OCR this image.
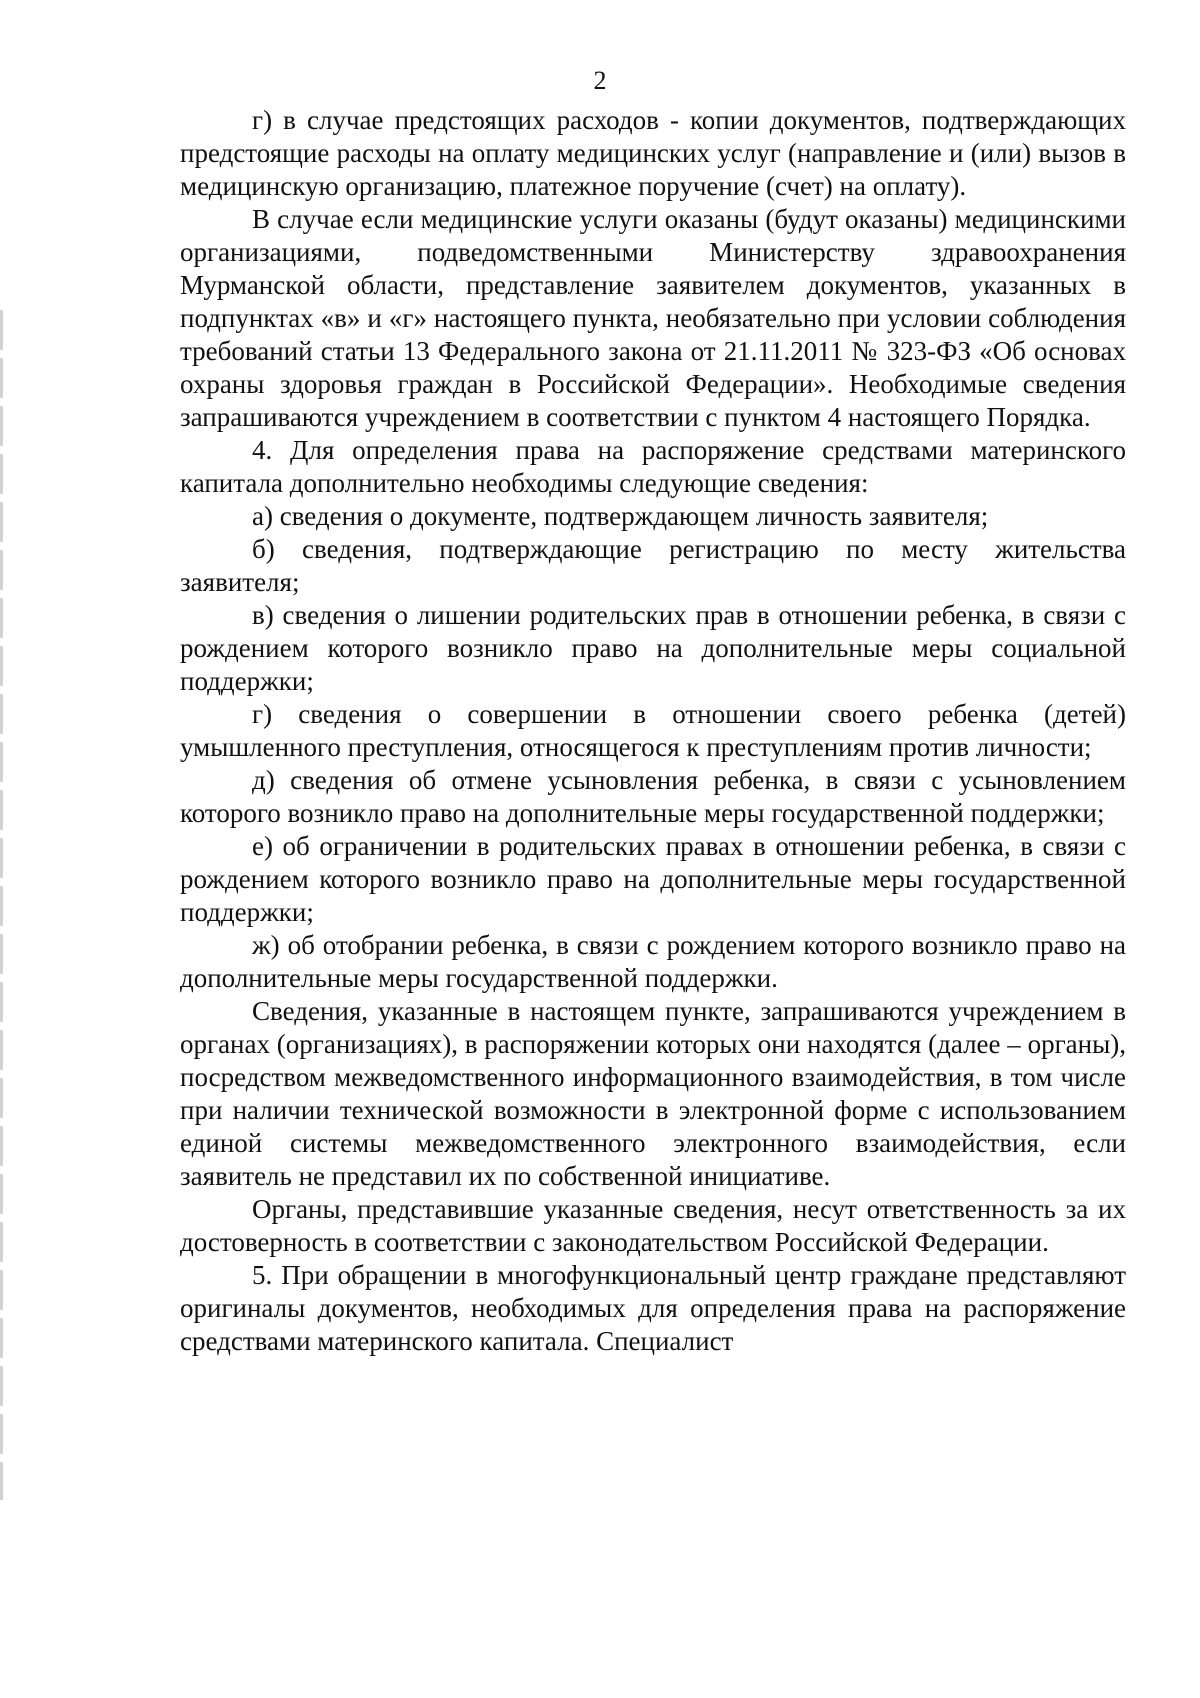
2

г) в случае предстоящих расходов - копии документов, подтверждающих предстоящие расходы на оплату медицинских услуг (направление и (или) вызов в медицинскую организацию, платежное поручение (счет) на оплату).

В случае если медицинские услуги оказаны (будут оказаны) медицинскими организациями, подведомственными Министерству здравоохранения Мурманской области, представление заявителем документов, указанных в подпунктах «в» и «г» настоящего пункта, необязательно при условии соблюдения требований статьи 13 Федерального закона от 21.11.2011 № 323-ФЗ «Об основах охраны здоровья граждан в Российской Федерации». Необходимые сведения запрашиваются учреждением в соответствии с пунктом 4 настоящего Порядка.

4. Для определения права на распоряжение средствами материнского капитала дополнительно необходимы следующие сведения:

а) сведения о документе, подтверждающем личность заявителя;

б) сведения, подтверждающие регистрацию по месту жительства заявителя;

в) сведения о лишении родительских прав в отношении ребенка, в связи с рождением которого возникло право на дополнительные меры социальной поддержки;

г) сведения о совершении в отношении своего ребенка (детей) умышленного преступления, относящегося к преступлениям против личности;

д) сведения об отмене усыновления ребенка, в связи с усыновлением которого возникло право на дополнительные меры государственной поддержки;

е) об ограничении в родительских правах в отношении ребенка, в связи с рождением которого возникло право на дополнительные меры государственной поддержки;

ж) об отобрании ребенка, в связи с рождением которого возникло право на дополнительные меры государственной поддержки.

Сведения, указанные в настоящем пункте, запрашиваются учреждением в органах (организациях), в распоряжении которых они находятся (далее – органы), посредством межведомственного информационного взаимодействия, в том числе при наличии технической возможности в электронной форме с использованием единой системы межведомственного электронного взаимодействия, если заявитель не представил их по собственной инициативе.

Органы, представившие указанные сведения, несут ответственность за их достоверность в соответствии с законодательством Российской Федерации.

5. При обращении в многофункциональный центр граждане представляют оригиналы документов, необходимых для определения права на распоряжение средствами материнского капитала. Специалист
